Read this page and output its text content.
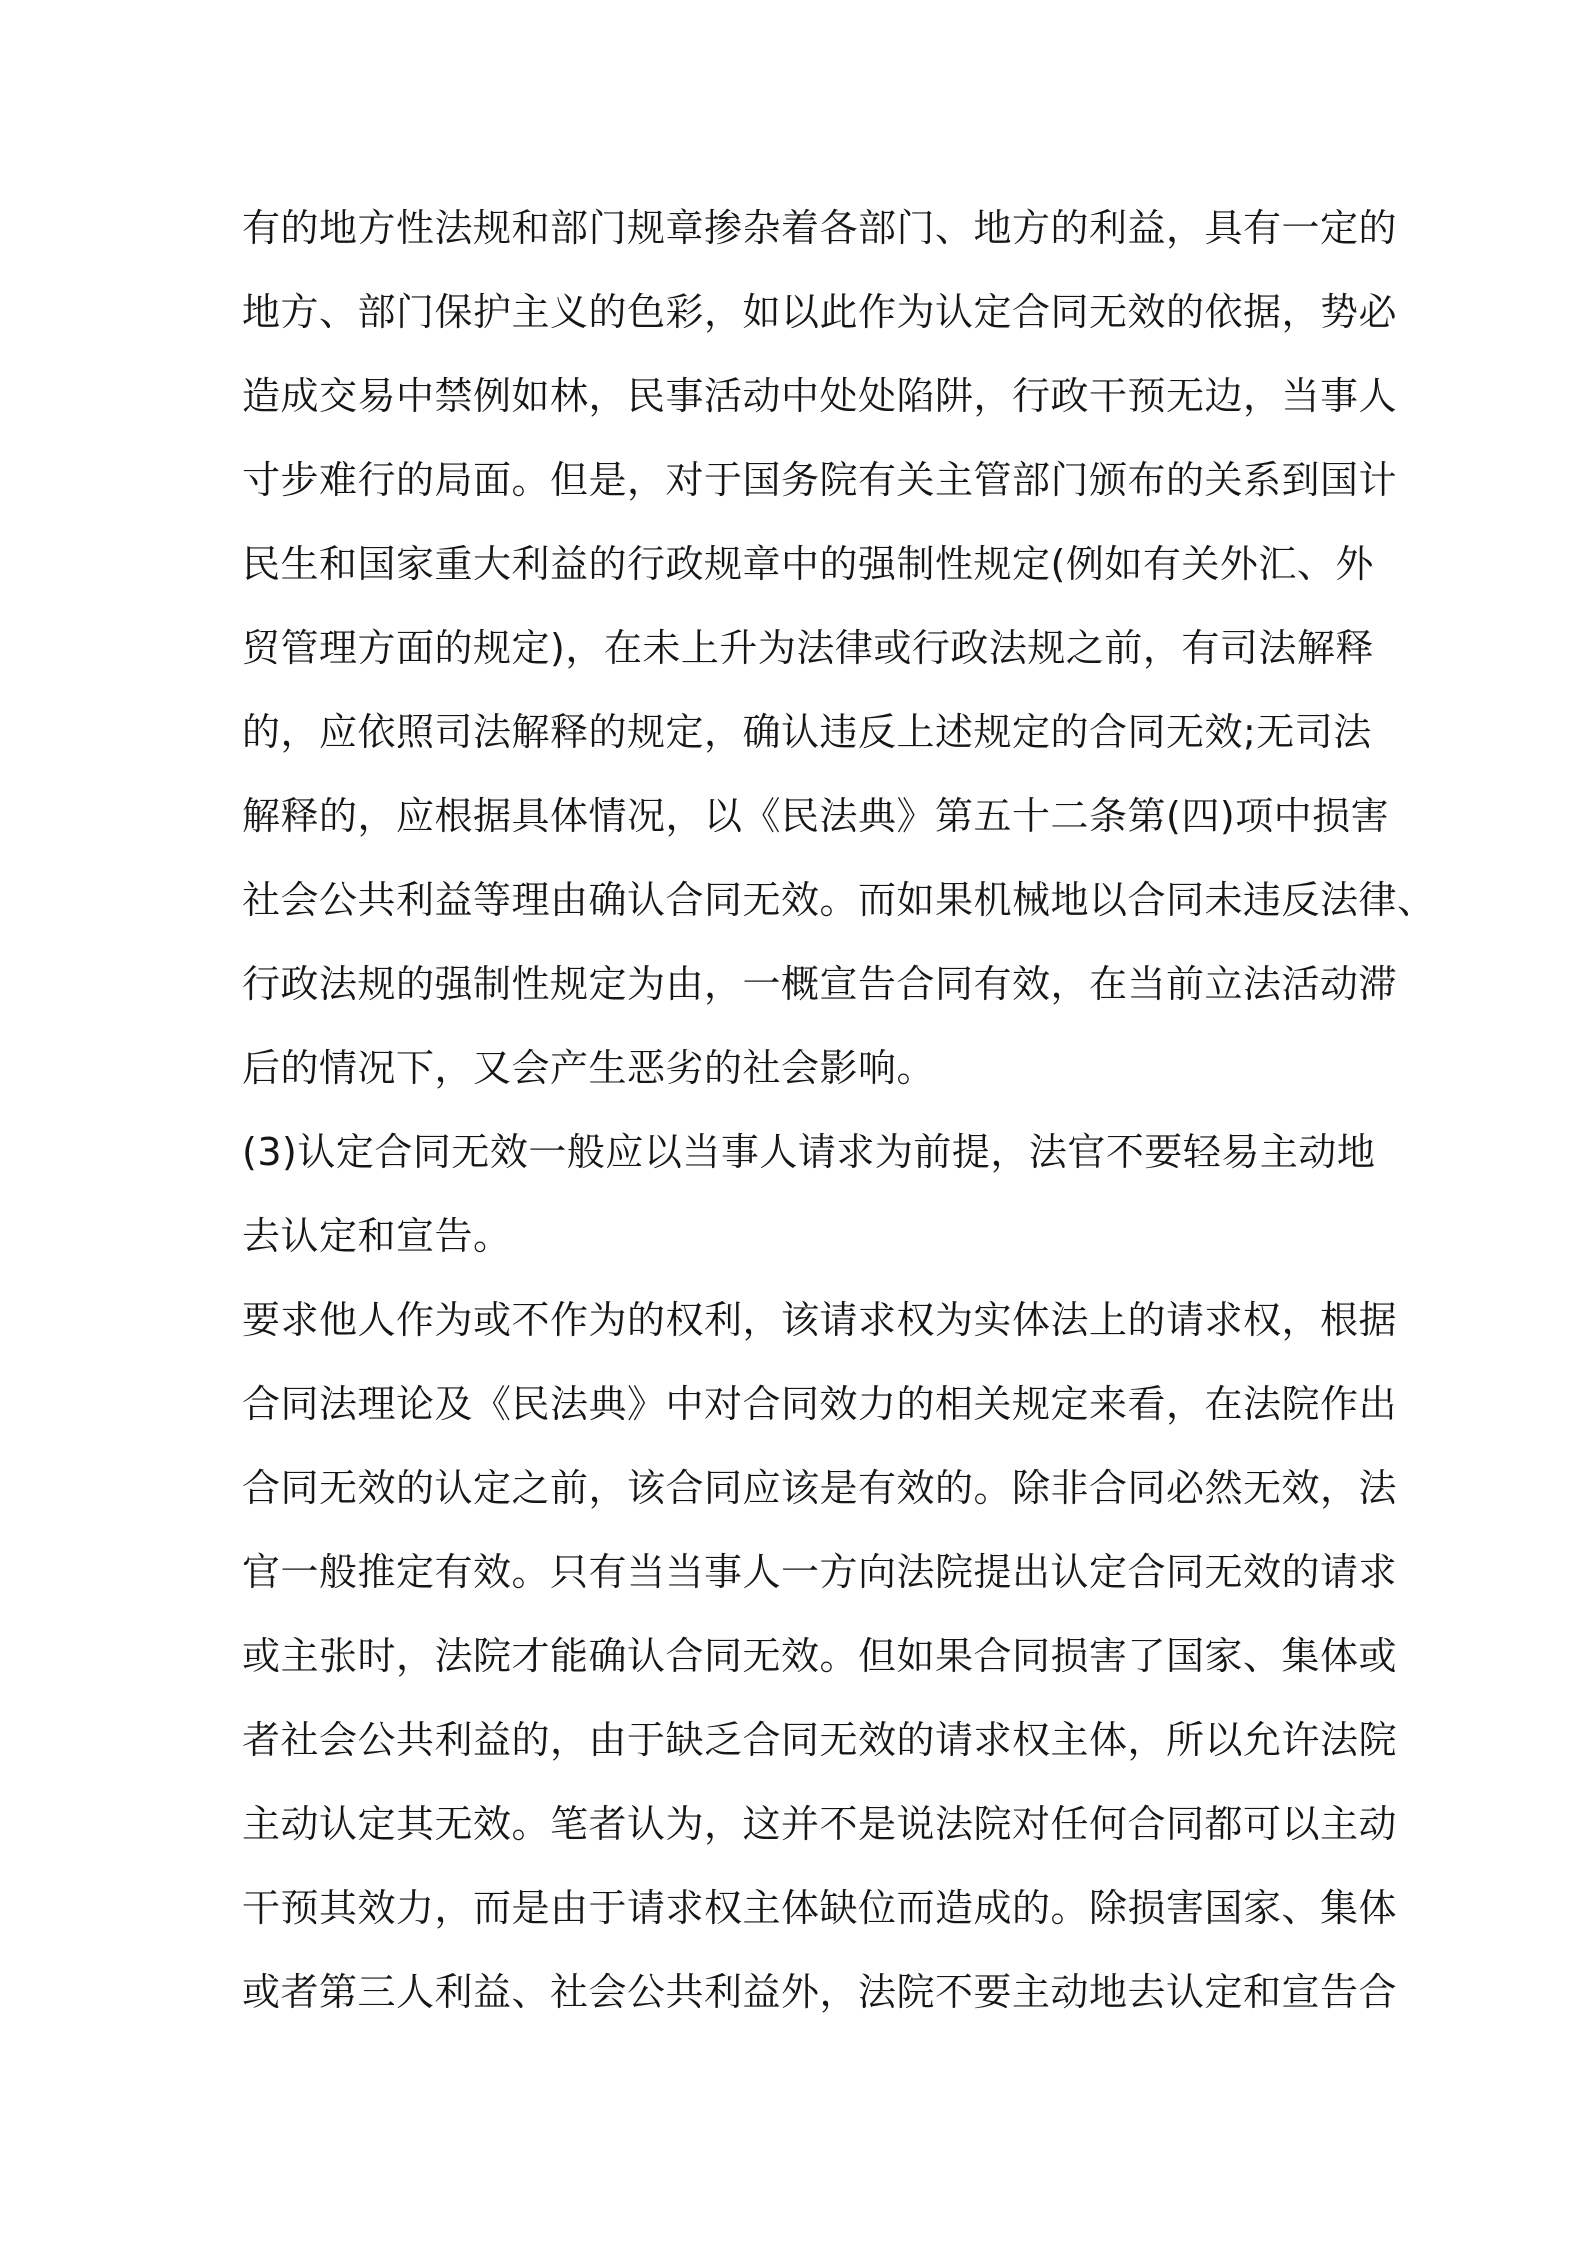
有的地方性法规和部门规章掺杂着各部门、地方的利益，具有一定的
地方、部门保护主义的色彩，如以此作为认定合同无效的依据，势必
造成交易中禁例如林，民事活动中处处陷阱，行政干预无边，当事人
寸步难行的局面。但是，对于国务院有关主管部门颁布的关系到国计
民生和国家重大利益的行政规章中的强制性规定(例如有关外汇、外
贸管理方面的规定)，在未上升为法律或行政法规之前，有司法解释
的，应依照司法解释的规定，确认违反上述规定的合同无效;无司法
解释的，应根据具体情况，以《民法典》第五十二条第(四)项中损害
社会公共利益等理由确认合同无效。而如果机械地以合同未违反法律、
行政法规的强制性规定为由，一概宣告合同有效，在当前立法活动滞
后的情况下，又会产生恶劣的社会影响。
(3)认定合同无效一般应以当事人请求为前提，法官不要轻易主动地
去认定和宣告。
要求他人作为或不作为的权利，该请求权为实体法上的请求权，根据
合同法理论及《民法典》中对合同效力的相关规定来看，在法院作出
合同无效的认定之前，该合同应该是有效的。除非合同必然无效，法
官一般推定有效。只有当当事人一方向法院提出认定合同无效的请求
或主张时，法院才能确认合同无效。但如果合同损害了国家、集体或
者社会公共利益的，由于缺乏合同无效的请求权主体，所以允许法院
主动认定其无效。笔者认为，这并不是说法院对任何合同都可以主动
干预其效力，而是由于请求权主体缺位而造成的。除损害国家、集体
或者第三人利益、社会公共利益外，法院不要主动地去认定和宣告合
